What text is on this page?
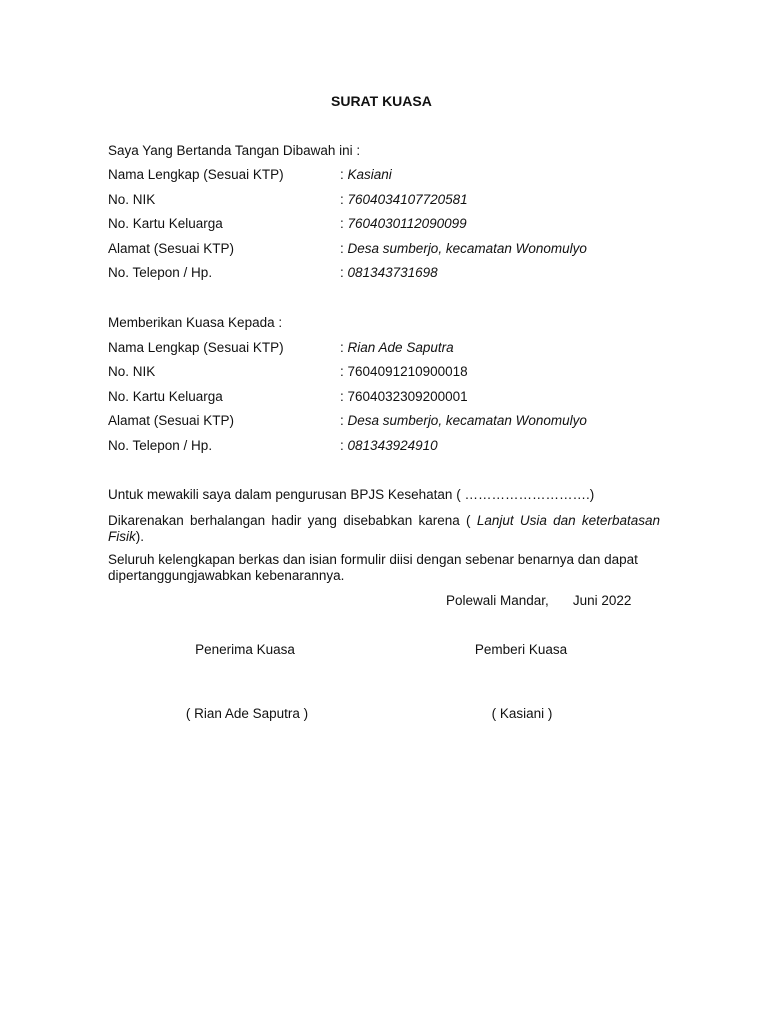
SURAT KUASA
Saya Yang Bertanda Tangan Dibawah ini :
Nama Lengkap (Sesuai KTP)	: Kasiani
No. NIK	: 7604034107720581
No. Kartu Keluarga	: 7604030112090099
Alamat (Sesuai KTP)	: Desa sumberjo, kecamatan Wonomulyo
No. Telepon / Hp.	: 081343731698
Memberikan Kuasa Kepada :
Nama Lengkap (Sesuai KTP)	: Rian Ade Saputra
No. NIK	: 7604091210900018
No. Kartu Keluarga	: 7604032309200001
Alamat (Sesuai KTP)	: Desa sumberjo, kecamatan Wonomulyo
No. Telepon / Hp.	: 081343924910
Untuk mewakili saya dalam pengurusan BPJS Kesehatan ( ……………………….)
Dikarenakan berhalangan hadir yang disebabkan karena ( Lanjut Usia dan keterbatasan Fisik).
Seluruh kelengkapan berkas dan isian formulir diisi dengan sebenar benarnya dan dapat dipertanggungjawabkan kebenarannya.
Polewali Mandar, Juni 2022
Penerima Kuasa	Pemberi Kuasa
( Rian Ade Saputra )	( Kasiani )
